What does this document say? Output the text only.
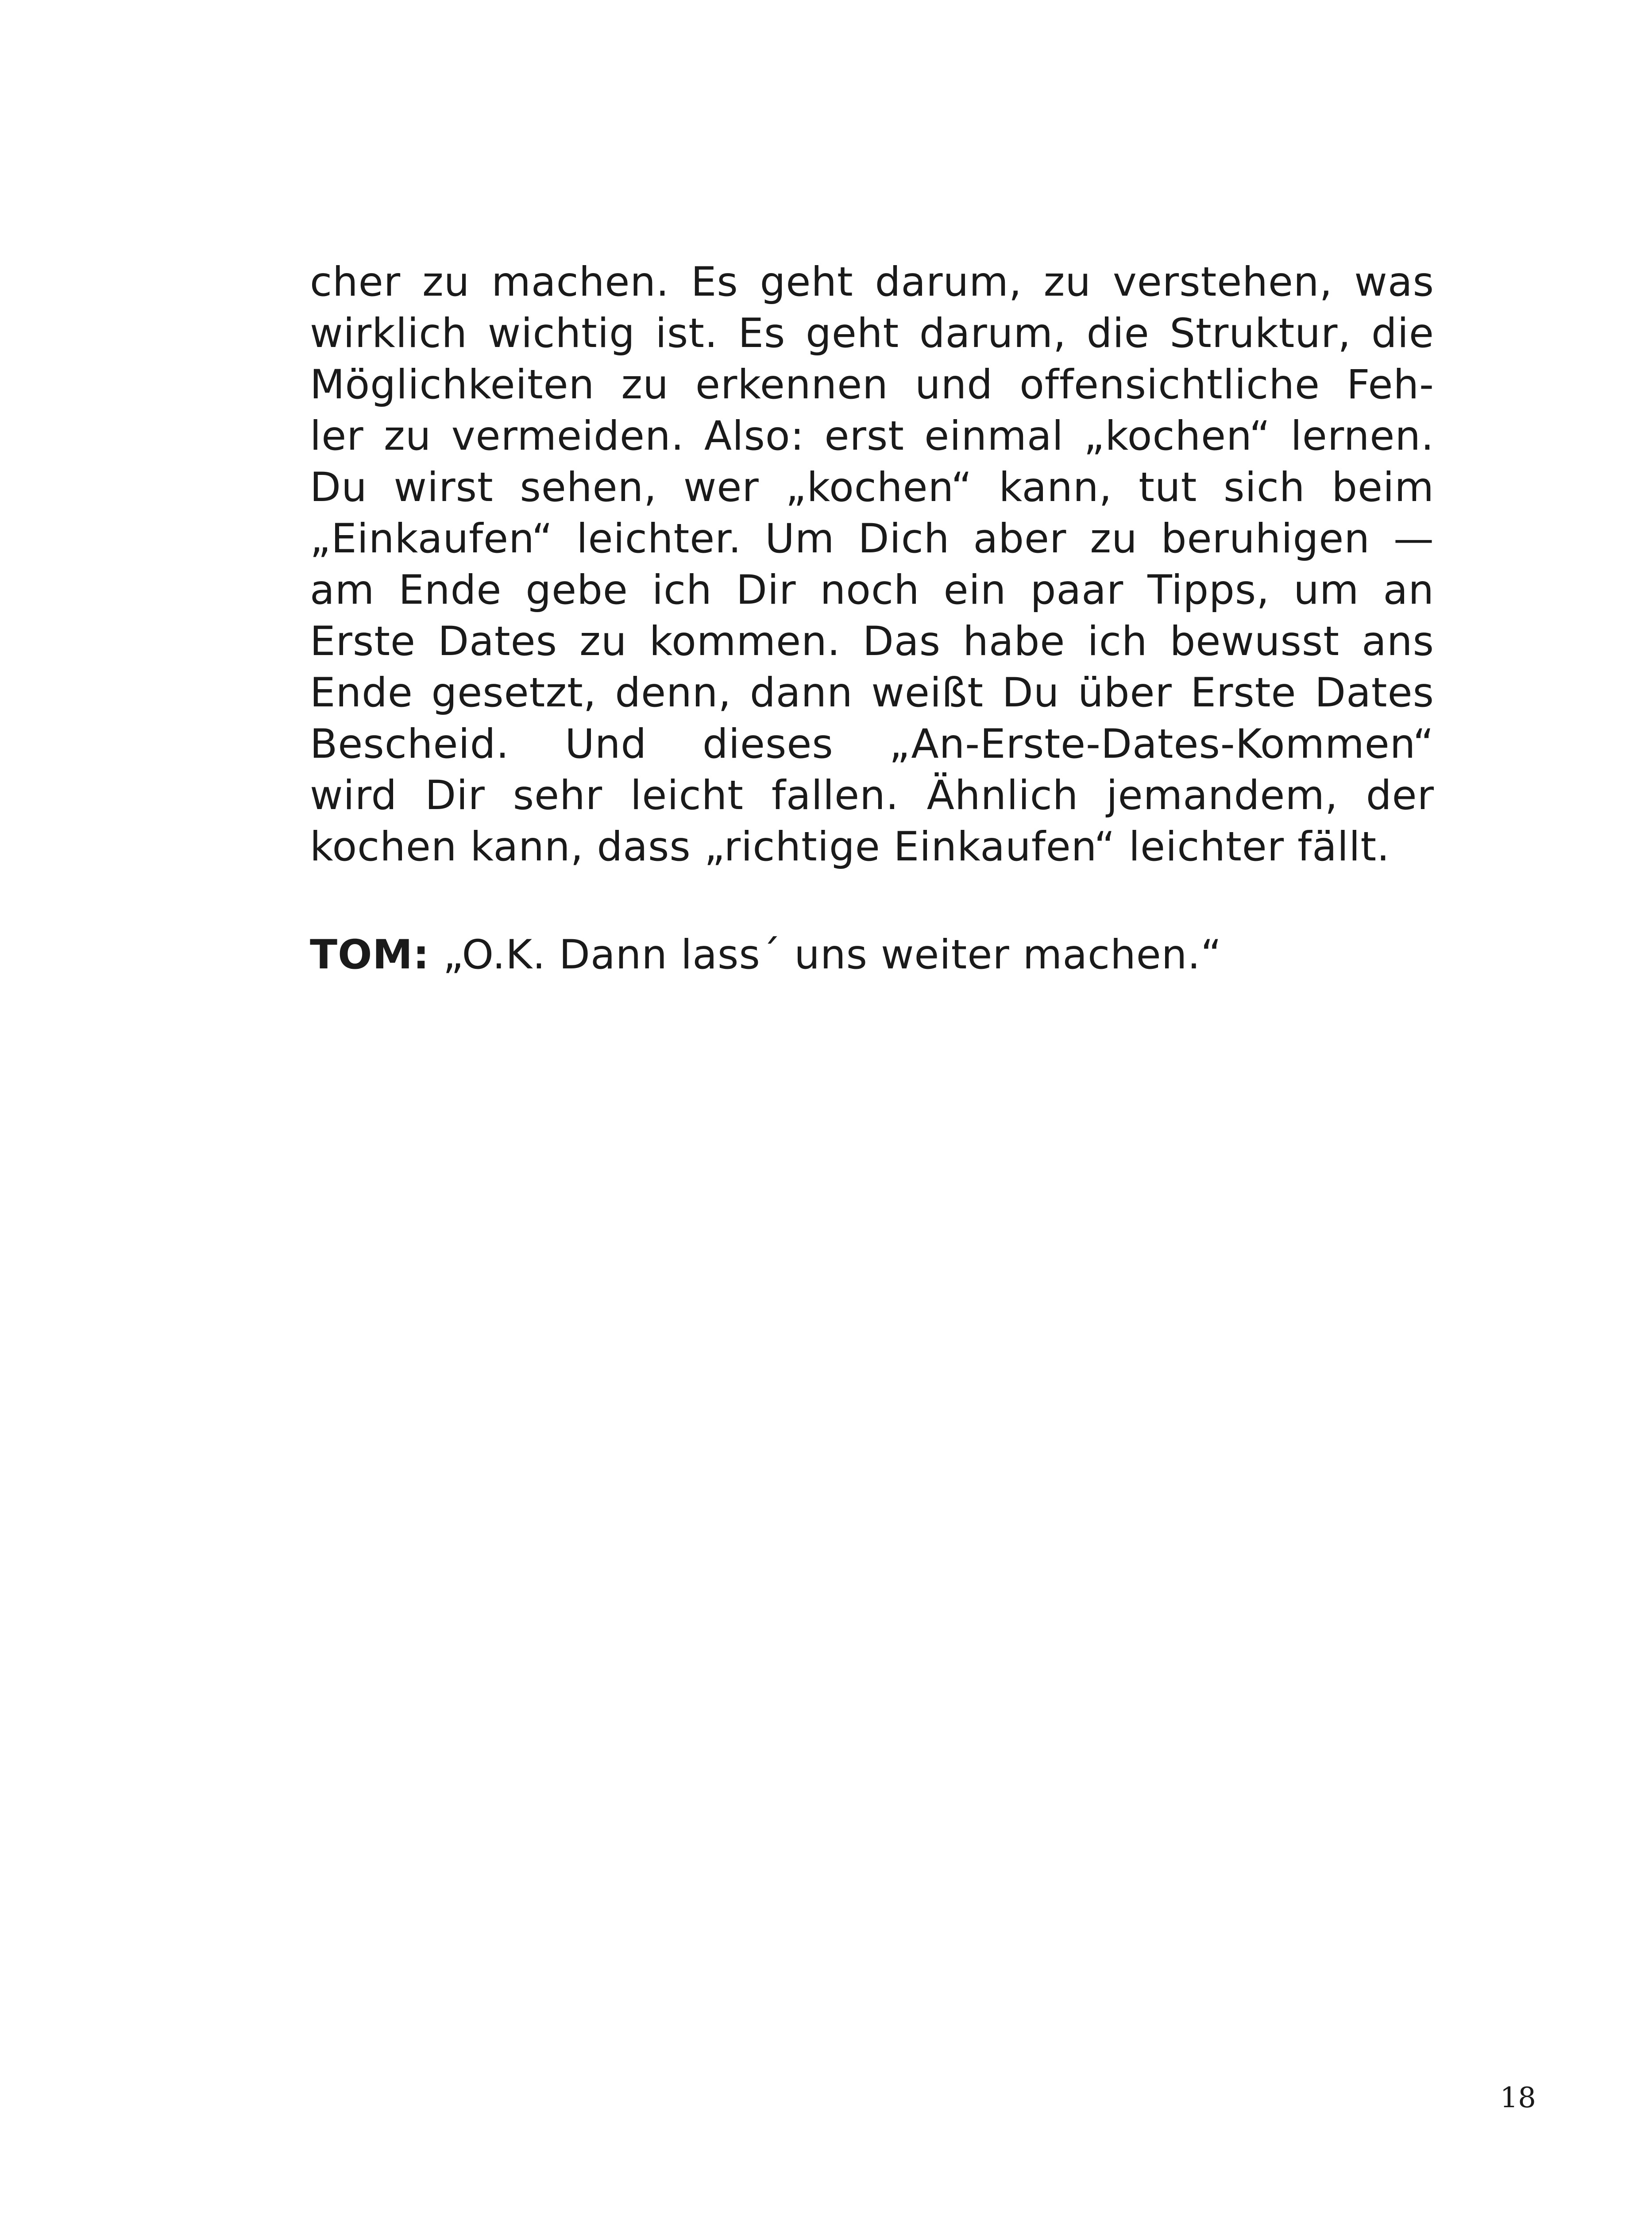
cher zu machen. Es geht darum, zu verstehen, was
wirklich wichtig ist. Es geht darum, die Struktur, die
Möglichkeiten zu erkennen und offensichtliche Feh-
ler zu vermeiden. Also: erst einmal „kochen“ lernen.
Du wirst sehen, wer „kochen“ kann, tut sich beim
„Einkaufen“ leichter. Um Dich aber zu beruhigen —
am Ende gebe ich Dir noch ein paar Tipps, um an
Erste Dates zu kommen. Das habe ich bewusst ans
Ende gesetzt, denn, dann weißt Du über Erste Dates
Bescheid. Und dieses „An-Erste-Dates-Kommen“
wird Dir sehr leicht fallen. Ähnlich jemandem, der
kochen kann, dass „richtige Einkaufen“ leichter fällt.
TOM: „O.K. Dann lass´ uns weiter machen.“
18
